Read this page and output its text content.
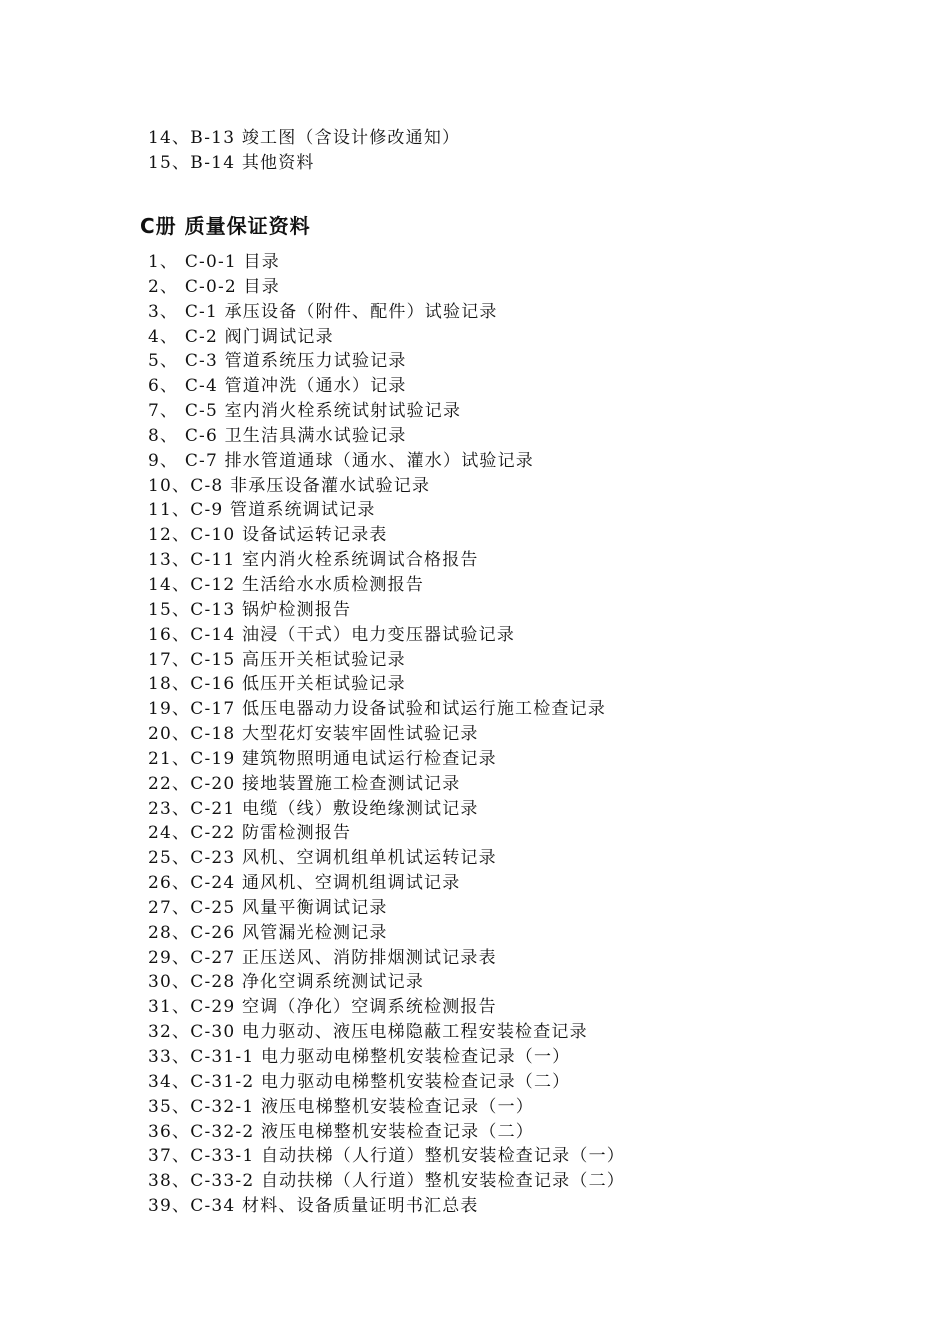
14、B-13 竣工图（含设计修改通知）
15、B-14 其他资料
C册 质量保证资料
1、 C-0-1 目录
2、 C-0-2 目录
3、 C-1 承压设备（附件、配件）试验记录
4、 C-2 阀门调试记录
5、 C-3 管道系统压力试验记录
6、 C-4 管道冲洗（通水）记录
7、 C-5 室内消火栓系统试射试验记录
8、 C-6 卫生洁具满水试验记录
9、 C-7 排水管道通球（通水、灌水）试验记录
10、C-8 非承压设备灌水试验记录
11、C-9 管道系统调试记录
12、C-10 设备试运转记录表
13、C-11 室内消火栓系统调试合格报告
14、C-12 生活给水水质检测报告
15、C-13 锅炉检测报告
16、C-14 油浸（干式）电力变压器试验记录
17、C-15 高压开关柜试验记录
18、C-16 低压开关柜试验记录
19、C-17 低压电器动力设备试验和试运行施工检查记录
20、C-18 大型花灯安装牢固性试验记录
21、C-19 建筑物照明通电试运行检查记录
22、C-20 接地装置施工检查测试记录
23、C-21 电缆（线）敷设绝缘测试记录
24、C-22 防雷检测报告
25、C-23 风机、空调机组单机试运转记录
26、C-24 通风机、空调机组调试记录
27、C-25 风量平衡调试记录
28、C-26 风管漏光检测记录
29、C-27 正压送风、消防排烟测试记录表
30、C-28 净化空调系统测试记录
31、C-29 空调（净化）空调系统检测报告
32、C-30 电力驱动、液压电梯隐蔽工程安装检查记录
33、C-31-1 电力驱动电梯整机安装检查记录（一）
34、C-31-2 电力驱动电梯整机安装检查记录（二）
35、C-32-1 液压电梯整机安装检查记录（一）
36、C-32-2 液压电梯整机安装检查记录（二）
37、C-33-1 自动扶梯（人行道）整机安装检查记录（一）
38、C-33-2 自动扶梯（人行道）整机安装检查记录（二）
39、C-34 材料、设备质量证明书汇总表
